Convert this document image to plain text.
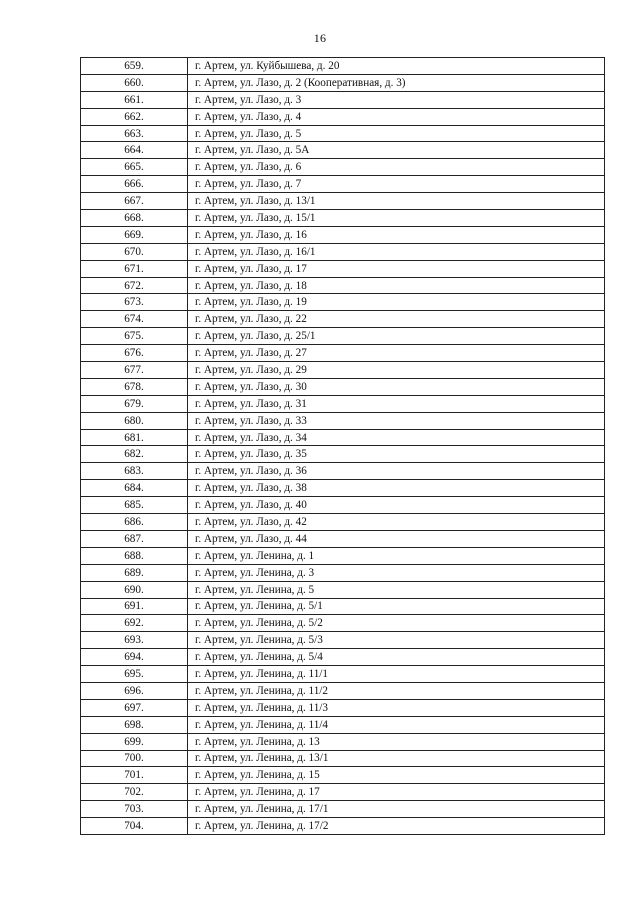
16
659.	г. Артем, ул. Куйбышева, д. 20
660.	г. Артем, ул. Лазо, д. 2 (Кооперативная, д. 3)
661.	г. Артем, ул. Лазо, д. 3
662.	г. Артем, ул. Лазо, д. 4
663.	г. Артем, ул. Лазо, д. 5
664.	г. Артем, ул. Лазо, д. 5А
665.	г. Артем, ул. Лазо, д. 6
666.	г. Артем, ул. Лазо, д. 7
667.	г. Артем, ул. Лазо, д. 13/1
668.	г. Артем, ул. Лазо, д. 15/1
669.	г. Артем, ул. Лазо, д. 16
670.	г. Артем, ул. Лазо, д. 16/1
671.	г. Артем, ул. Лазо, д. 17
672.	г. Артем, ул. Лазо, д. 18
673.	г. Артем, ул. Лазо, д. 19
674.	г. Артем, ул. Лазо, д. 22
675.	г. Артем, ул. Лазо, д. 25/1
676.	г. Артем, ул. Лазо, д. 27
677.	г. Артем, ул. Лазо, д. 29
678.	г. Артем, ул. Лазо, д. 30
679.	г. Артем, ул. Лазо, д. 31
680.	г. Артем, ул. Лазо, д. 33
681.	г. Артем, ул. Лазо, д. 34
682.	г. Артем, ул. Лазо, д. 35
683.	г. Артем, ул. Лазо, д. 36
684.	г. Артем, ул. Лазо, д. 38
685.	г. Артем, ул. Лазо, д. 40
686.	г. Артем, ул. Лазо, д. 42
687.	г. Артем, ул. Лазо, д. 44
688.	г. Артем, ул. Ленина, д. 1
689.	г. Артем, ул. Ленина, д. 3
690.	г. Артем, ул. Ленина, д. 5
691.	г. Артем, ул. Ленина, д. 5/1
692.	г. Артем, ул. Ленина, д. 5/2
693.	г. Артем, ул. Ленина, д. 5/3
694.	г. Артем, ул. Ленина, д. 5/4
695.	г. Артем, ул. Ленина, д. 11/1
696.	г. Артем, ул. Ленина, д. 11/2
697.	г. Артем, ул. Ленина, д. 11/3
698.	г. Артем, ул. Ленина, д. 11/4
699.	г. Артем, ул. Ленина, д. 13
700.	г. Артем, ул. Ленина, д. 13/1
701.	г. Артем, ул. Ленина, д. 15
702.	г. Артем, ул. Ленина, д. 17
703.	г. Артем, ул. Ленина, д. 17/1
704.	г. Артем, ул. Ленина, д. 17/2
